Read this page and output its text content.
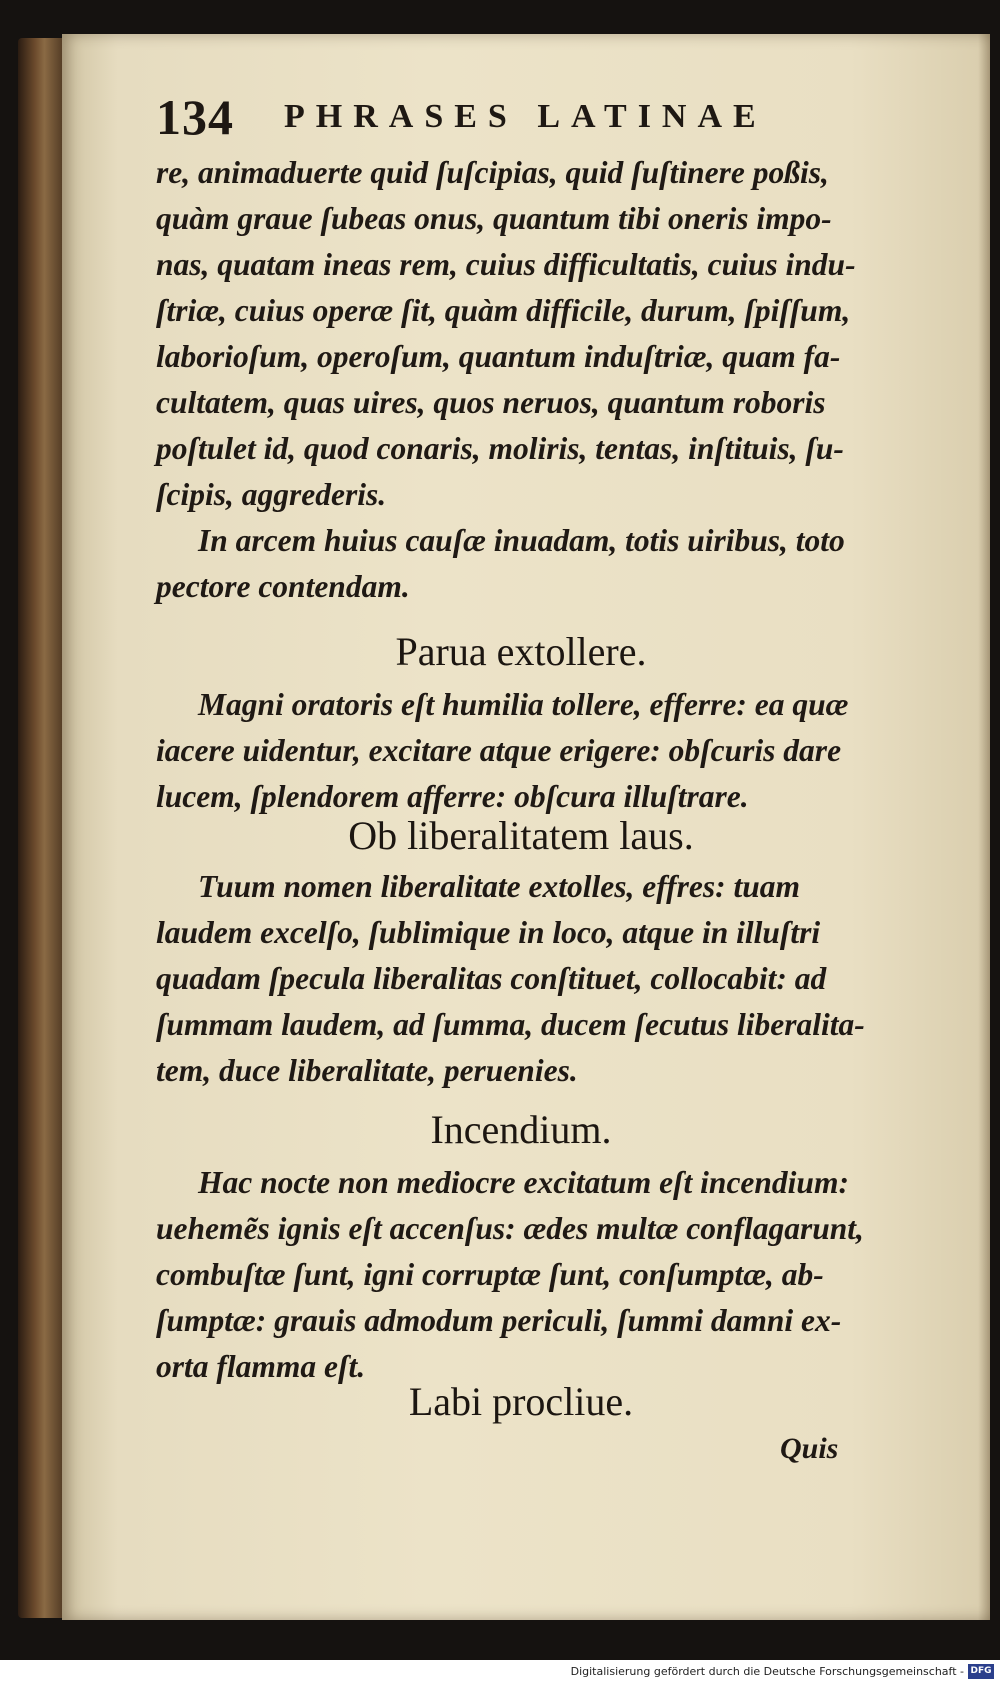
134 PHRASES LATINAE
re, animaduerte quid ſuſcipias, quid ſuſtinere poßis,
quàm graue ſubeas onus, quantum tibi oneris impo-
nas, quatam ineas rem, cuius difficultatis, cuius indu-
ſtriæ, cuius operæ ſit, quàm difficile, durum, ſpiſſum,
laborioſum, operoſum, quantum induſtriæ, quam fa-
cultatem, quas uires, quos neruos, quantum roboris
poſtulet id, quod conaris, moliris, tentas, inſtituis, ſu-
ſcipis, aggrederis.
In arcem huius cauſæ inuadam, totis uiribus, toto
pectore contendam.
Parua extollere.
Magni oratoris eſt humilia tollere, efferre: ea quæ
iacere uidentur, excitare atque erigere: obſcuris dare
lucem, ſplendorem afferre: obſcura illuſtrare.
Ob liberalitatem laus.
Tuum nomen liberalitate extolles, effres: tuam
laudem excelſo, ſublimique in loco, atque in illuſtri
quadam ſpecula liberalitas conſtituet, collocabit: ad
ſummam laudem, ad ſumma, ducem ſecutus liberalita-
tem, duce liberalitate, peruenies.
Incendium.
Hac nocte non mediocre excitatum eſt incendium:
uehemẽs ignis eſt accenſus: ædes multæ conflagarunt,
combuſtæ ſunt, igni corruptæ ſunt, conſumptæ, ab-
ſumptæ: grauis admodum periculi, ſummi damni ex-
orta flamma eſt.
Labi procliue.
Quis
Digitalisierung gefördert durch die Deutsche Forschungsgemeinschaft - DFG
